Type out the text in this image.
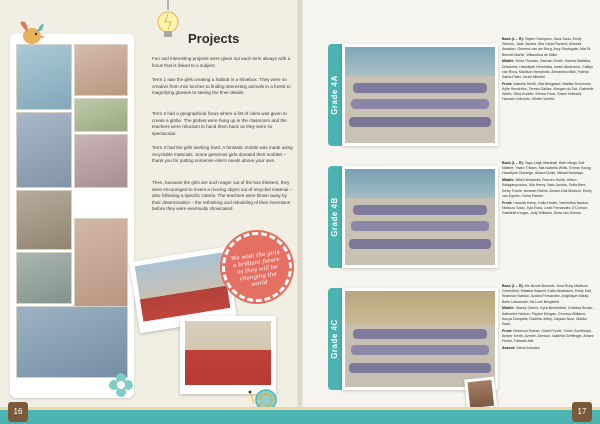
Projects

Fun and interesting projects were given out each term always with a focus that is linked to a subject.

Term 1 saw the girls creating a habitat in a shoebox. They were so creative from mini torches to finding interesting animals in a forest to magnifying glasses to seeing the finer details.

Term 2 had a geographical focus where a list of cities was given to create a globe. The globes were hung up in the classroom and the teachers were reluctant to hand them back as they were so spectacular.

Term 3 had the girls working hard. A fantastic mobile was made using recyclable materials. Some generous girls donated their mobiles – thank you for putting someone else's needs above your own.

Then, because the girls are such eager out of the box thinkers, they were encouraged to invent a moving object out of recycled material – also following a specific criteria. The teachers were blown away by their determination – the rethinking and rebuilding of their inventions before they were eventually showcased.

We wish the girls a brilliant future as they will be changing the world
Grade 4A

Back (L – R): Tayten Sampson, Sara Sadu, Emily Simons, Jade Jacobs, Mia Carla Puzzled, Antonia Amadeu, Gemma van der Berg, Amy Southgate, Mia St Bennet Martin, Willandina de Miller

Middle: Keira Thomas, Hannah Smith, Sienna Mattisha Desomba, Hawdiyah Hendricks, Imani Abrahams, Caitlyn van Rooy, Madison Hendricks, Alexandra Mills, Fatima Zahra Patel, Jorah Mitchell

Front: Isabella Smith, Mia Nimgaard, Mallika Solomons, Kylie Hendricks, Teresa Gallies, Morgan du Toit, Gabrielle Webb, Silva Kodder, Emma Frost, Grace Hofmeld, Hannah Leibovitz, Winter Verfeld

Grade 4B

Back (L – R): Taya-Leigh Marshall, Beth Mingo Zoë Ndlebe, Yaaro Tribam, Mia Isabella Willis, Emma Young, Hawdiyah Cloetege, Ariana Dollis, Mikaal Nokwayo

Middle: Nikki Hendricks, Rueven Smith, Alison Kalagaropoulos, Mia Henry, Nala Jacobs, Sofia Bent, Emily Fourie, Amarah Rahim, Amani-Gail Moduck, Emily van Dyeren, Noha Painter

Front: Hannah Kemp, Kaila Heath, Yashmitha Naidoo, Ntokozo Sadu, Tyla Ross, Leah Fernandez-O'Connor, Gabriella Kruger, Jody Williams, Kiela van Schoor

Grade 4C

Back (L – R): Ms Nicola Bennett, Jena Ruby Madison Greenfield, Malaika Kassell, Katie Abrahams, Emily Kail, Shannon Naidoo, Azalea Fernandez, Angelique Malak, Belle Labuschet, Ms Lizel Bergsfeld

Middle: Stacey Oberle, Kyra Benterfield, Chelsea Brown, Katherine Nelson, Payton Morgan, Gemma Williams, Asnya Dumpela, Radhita Jolley, Zayaan Noor, Malika Sadu

Front: Rebecca Hobart, Olivia Fourie, Chloe Gunthrope, Amber Smith, Azmee Johnson, Isabella Greffinger, Amani Fisher, Fatimah Alie

Absent: Siena Amodeo

16	17
